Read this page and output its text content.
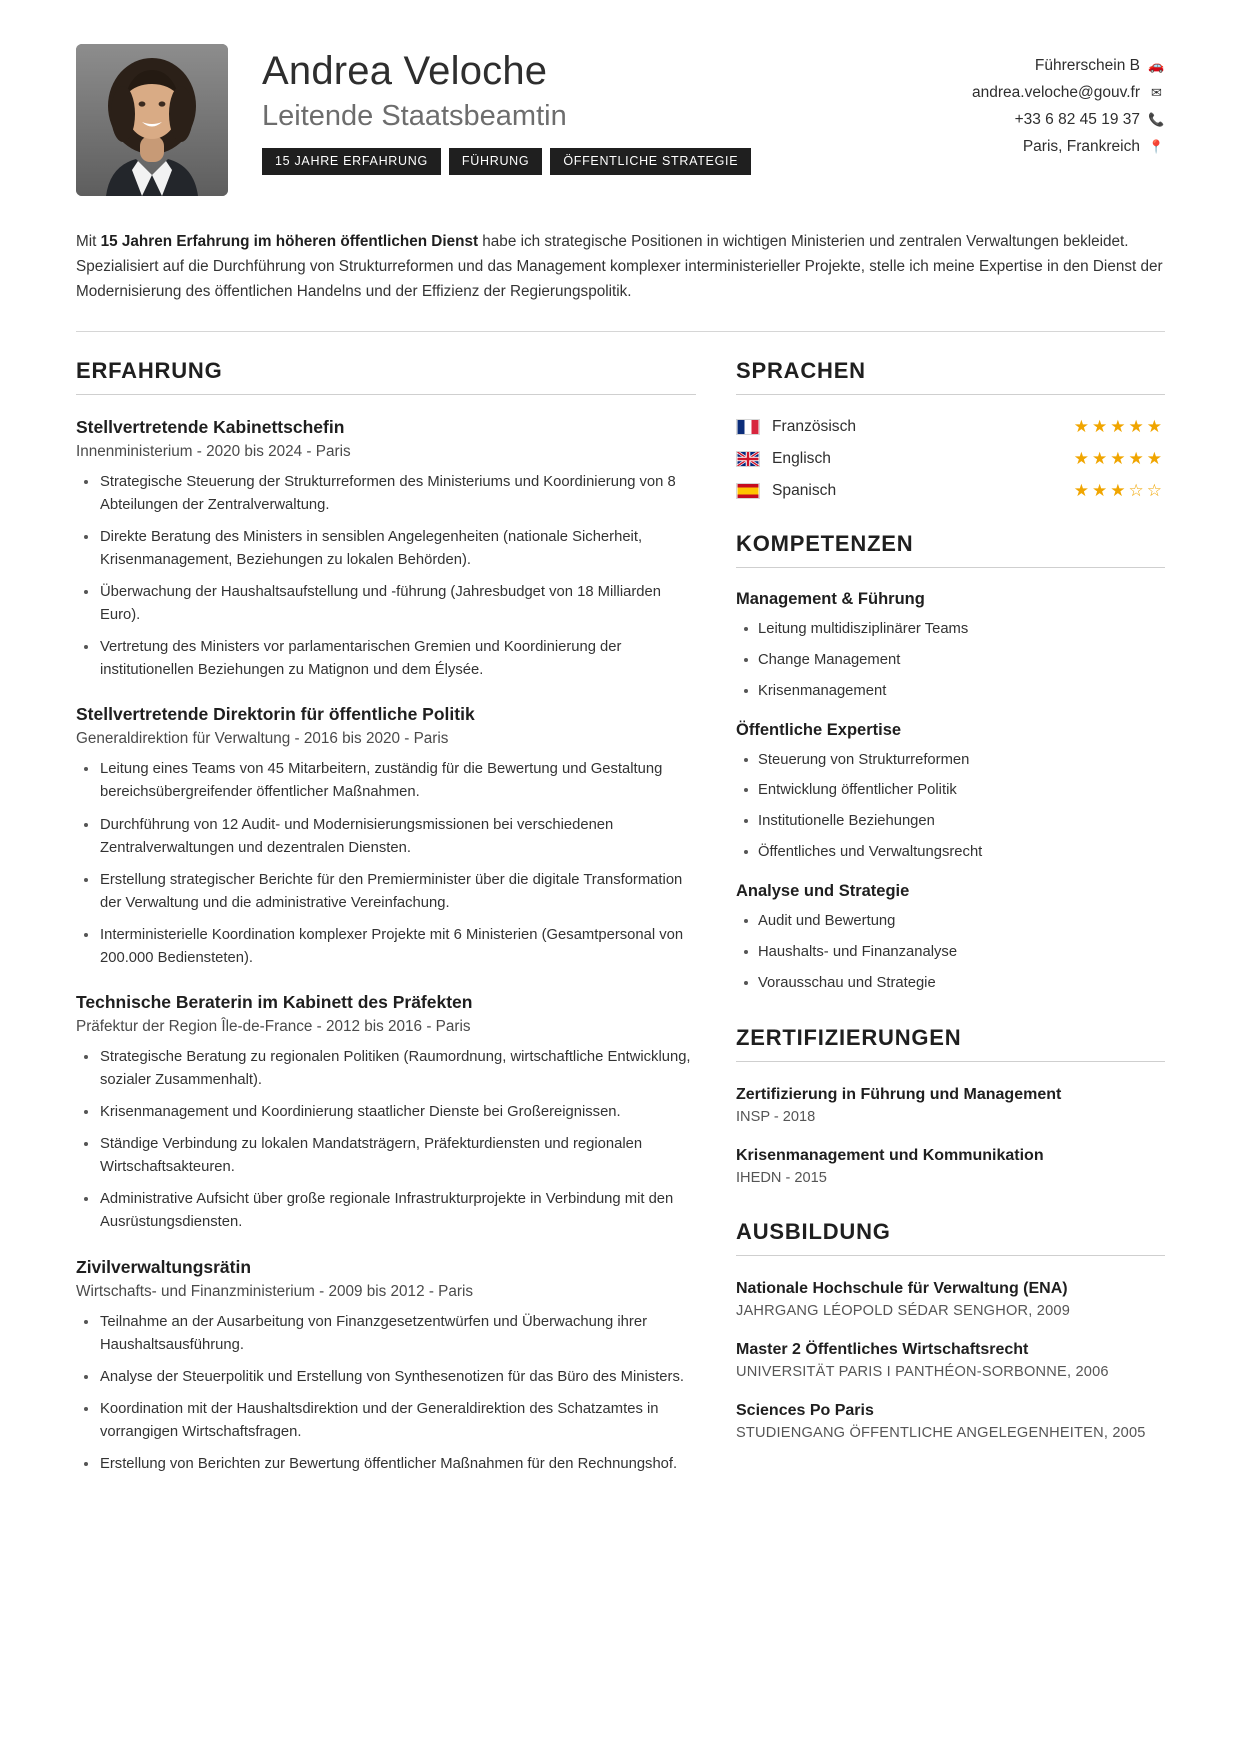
Andrea Veloche
Leitende Staatsbeamtin
15 JAHRE ERFAHRUNG	FÜHRUNG	ÖFFENTLICHE STRATEGIE
Führerschein B 🚗
andrea.veloche@gouv.fr ✉
+33 6 82 45 19 37 📞
Paris, Frankreich 📍

Mit 15 Jahren Erfahrung im höheren öffentlichen Dienst habe ich strategische Positionen in wichtigen Ministerien und zentralen Verwaltungen bekleidet. Spezialisiert auf die Durchführung von Strukturreformen und das Management komplexer interministerieller Projekte, stelle ich meine Expertise in den Dienst der Modernisierung des öffentlichen Handelns und der Effizienz der Regierungspolitik.

ERFAHRUNG
Stellvertretende Kabinettschefin
Innenministerium - 2020 bis 2024 - Paris
Strategische Steuerung der Strukturreformen des Ministeriums und Koordinierung von 8 Abteilungen der Zentralverwaltung.
Direkte Beratung des Ministers in sensiblen Angelegenheiten (nationale Sicherheit, Krisenmanagement, Beziehungen zu lokalen Behörden).
Überwachung der Haushaltsaufstellung und -führung (Jahresbudget von 18 Milliarden Euro).
Vertretung des Ministers vor parlamentarischen Gremien und Koordinierung der institutionellen Beziehungen zu Matignon und dem Élysée.
Stellvertretende Direktorin für öffentliche Politik
Generaldirektion für Verwaltung - 2016 bis 2020 - Paris
Leitung eines Teams von 45 Mitarbeitern, zuständig für die Bewertung und Gestaltung bereichsübergreifender öffentlicher Maßnahmen.
Durchführung von 12 Audit- und Modernisierungsmissionen bei verschiedenen Zentralverwaltungen und dezentralen Diensten.
Erstellung strategischer Berichte für den Premierminister über die digitale Transformation der Verwaltung und die administrative Vereinfachung.
Interministerielle Koordination komplexer Projekte mit 6 Ministerien (Gesamtpersonal von 200.000 Bediensteten).
Technische Beraterin im Kabinett des Präfekten
Präfektur der Region Île-de-France - 2012 bis 2016 - Paris
Strategische Beratung zu regionalen Politiken (Raumordnung, wirtschaftliche Entwicklung, sozialer Zusammenhalt).
Krisenmanagement und Koordinierung staatlicher Dienste bei Großereignissen.
Ständige Verbindung zu lokalen Mandatsträgern, Präfekturdiensten und regionalen Wirtschaftsakteuren.
Administrative Aufsicht über große regionale Infrastrukturprojekte in Verbindung mit den Ausrüstungsdiensten.
Zivilverwaltungsrätin
Wirtschafts- und Finanzministerium - 2009 bis 2012 - Paris
Teilnahme an der Ausarbeitung von Finanzgesetzentwürfen und Überwachung ihrer Haushaltsausführung.
Analyse der Steuerpolitik und Erstellung von Synthesenotizen für das Büro des Ministers.
Koordination mit der Haushaltsdirektion und der Generaldirektion des Schatzamtes in vorrangigen Wirtschaftsfragen.
Erstellung von Berichten zur Bewertung öffentlicher Maßnahmen für den Rechnungshof.
SPRACHEN
Französisch	★★★★★
Englisch	★★★★★
Spanisch	★★★☆☆
KOMPETENZEN
Management & Führung
Leitung multidisziplinärer Teams
Change Management
Krisenmanagement
Öffentliche Expertise
Steuerung von Strukturreformen
Entwicklung öffentlicher Politik
Institutionelle Beziehungen
Öffentliches und Verwaltungsrecht
Analyse und Strategie
Audit und Bewertung
Haushalts- und Finanzanalyse
Vorausschau und Strategie
ZERTIFIZIERUNGEN
Zertifizierung in Führung und Management
INSP - 2018
Krisenmanagement und Kommunikation
IHEDN - 2015
AUSBILDUNG
Nationale Hochschule für Verwaltung (ENA)
JAHRGANG LÉOPOLD SÉDAR SENGHOR, 2009
Master 2 Öffentliches Wirtschaftsrecht
UNIVERSITÄT PARIS I PANTHÉON-SORBONNE, 2006
Sciences Po Paris
STUDIENGANG ÖFFENTLICHE ANGELEGENHEITEN, 2005
